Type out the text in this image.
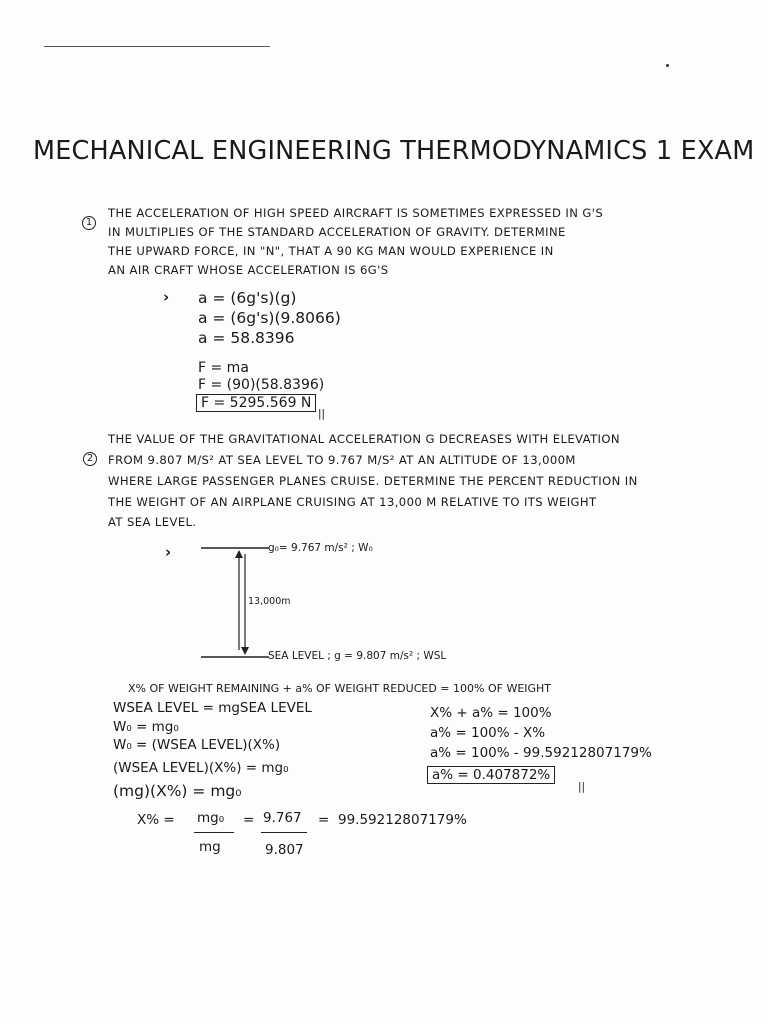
MECHANICAL ENGINEERING THERMODYNAMICS 1 EXAM
1
THE ACCELERATION OF HIGH SPEED AIRCRAFT IS SOMETIMES EXPRESSED IN G'S
IN MULTIPLIES OF THE STANDARD ACCELERATION OF GRAVITY. DETERMINE
THE UPWARD FORCE, IN "N", THAT A 90 KG MAN WOULD EXPERIENCE IN
AN AIR CRAFT WHOSE ACCELERATION IS 6G'S
› a = (6g's)(g)
a = (6g's)(9.8066)
a = 58.8396
F = ma
F = (90)(58.8396)
F = 5295.569 N
||
2
THE VALUE OF THE GRAVITATIONAL ACCELERATION G DECREASES WITH ELEVATION
FROM 9.807 M/S² AT SEA LEVEL TO 9.767 M/S² AT AN ALTITUDE OF 13,000M
WHERE LARGE PASSENGER PLANES CRUISE. DETERMINE THE PERCENT REDUCTION IN
THE WEIGHT OF AN AIRPLANE CRUISING AT 13,000 M RELATIVE TO ITS WEIGHT
AT SEA LEVEL.
›	g₀= 9.767 m/s² ; W₀
13,000m
SEA LEVEL ; g = 9.807 m/s² ; WSL
X% OF WEIGHT REMAINING + a% OF WEIGHT REDUCED = 100% OF WEIGHT
WSEA LEVEL = mgSEA LEVEL
W₀ = mg₀
W₀ = (WSEA LEVEL)(X%)
(WSEA LEVEL)(X%) = mg₀
(mg)(X%) = mg₀
X% + a% = 100%
a% = 100% - X%
a% = 100% - 99.59212807179%
a% = 0.407872%
||
X% = mg₀
mg
= 9.767
9.807
= 99.59212807179%
